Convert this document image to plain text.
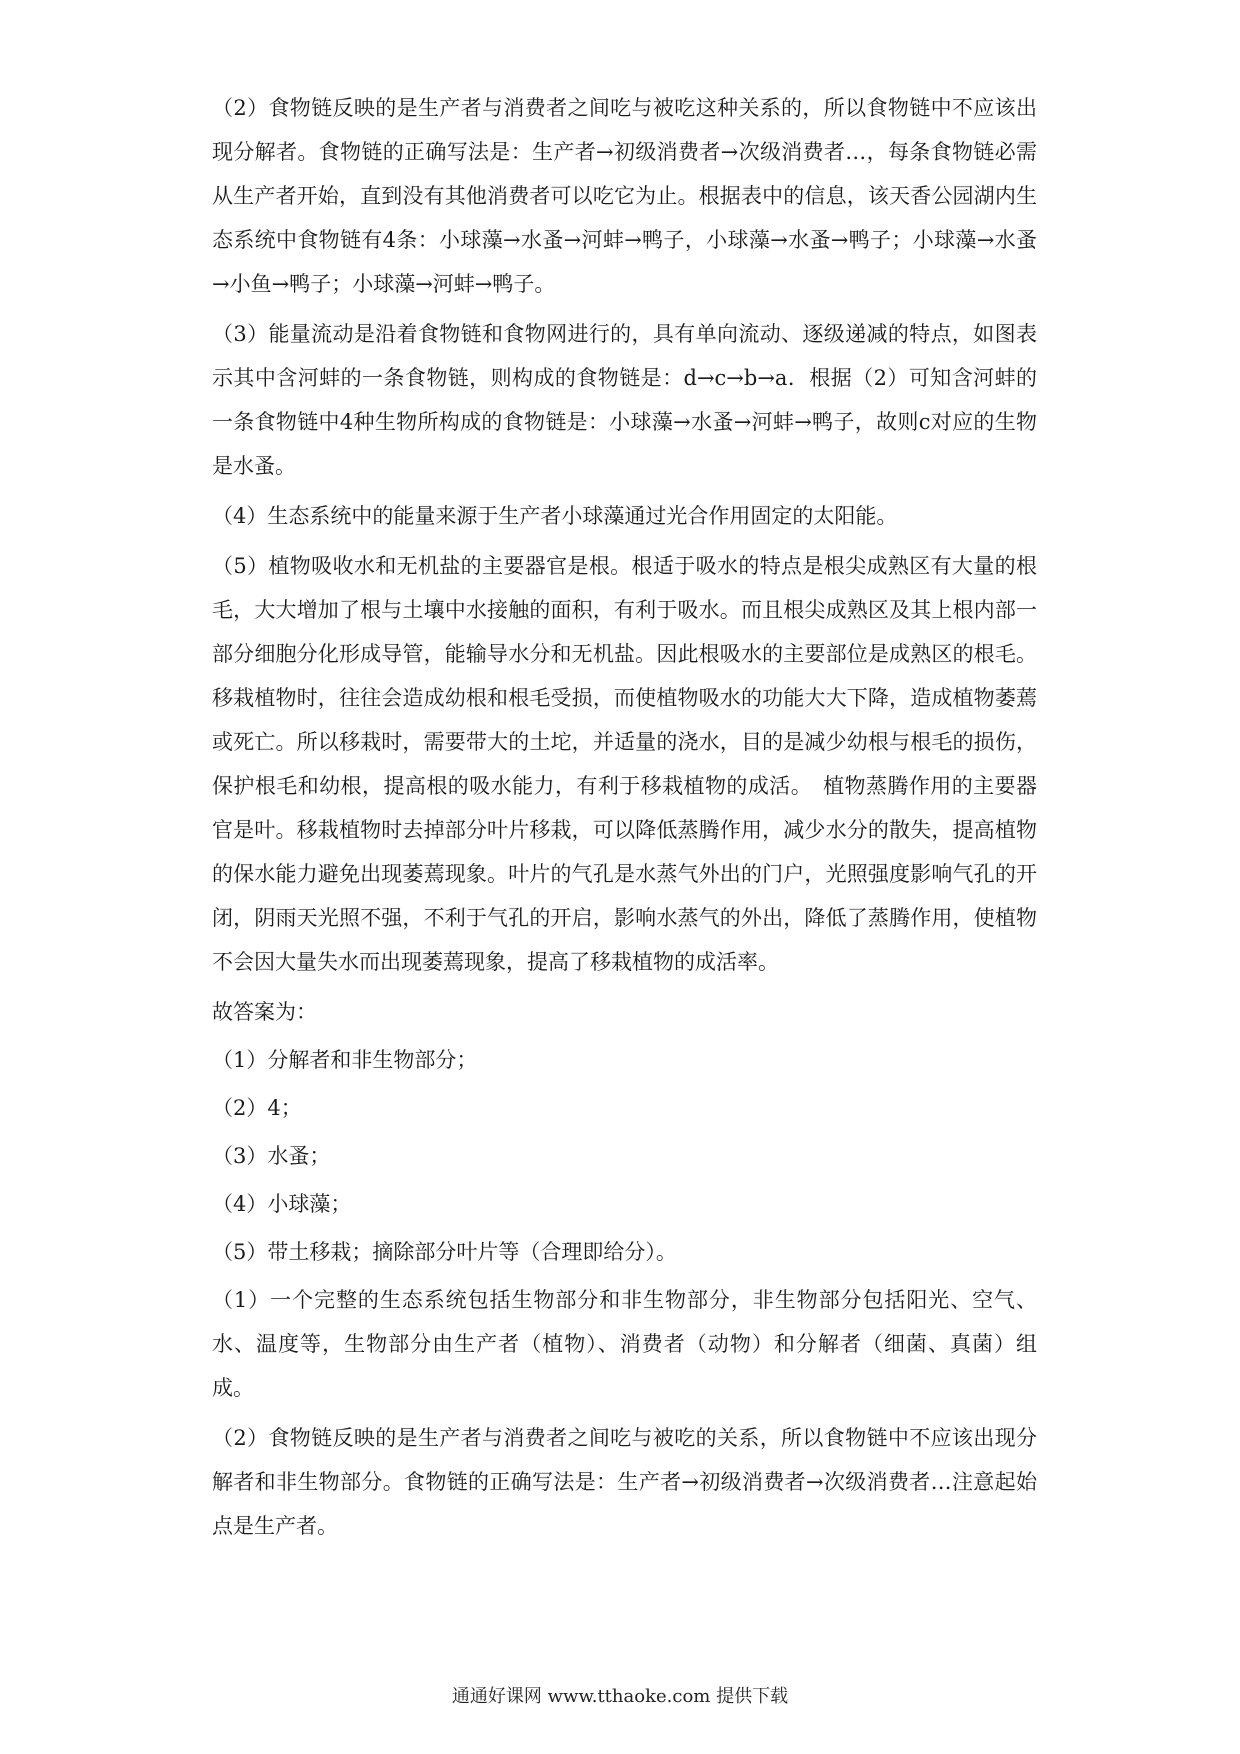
（2）食物链反映的是生产者与消费者之间吃与被吃这种关系的，所以食物链中不应该出现分解者。食物链的正确写法是：生产者→初级消费者→次级消费者…，每条食物链必需从生产者开始，直到没有其他消费者可以吃它为止。根据表中的信息，该天香公园湖内生态系统中食物链有4条：小球藻→水蚤→河蚌→鸭子，小球藻→水蚤→鸭子；小球藻→水蚤→小鱼→鸭子；小球藻→河蚌→鸭子。

（3）能量流动是沿着食物链和食物网进行的，具有单向流动、逐级递减的特点，如图表示其中含河蚌的一条食物链，则构成的食物链是：d→c→b→a．根据（2）可知含河蚌的一条食物链中4种生物所构成的食物链是：小球藻→水蚤→河蚌→鸭子，故则c对应的生物是水蚤。

（4）生态系统中的能量来源于生产者小球藻通过光合作用固定的太阳能。

（5）植物吸收水和无机盐的主要器官是根。根适于吸水的特点是根尖成熟区有大量的根毛，大大增加了根与土壤中水接触的面积，有利于吸水。而且根尖成熟区及其上根内部一部分细胞分化形成导管，能输导水分和无机盐。因此根吸水的主要部位是成熟区的根毛。移栽植物时，往往会造成幼根和根毛受损，而使植物吸水的功能大大下降，造成植物萎蔫或死亡。所以移栽时，需要带大的土坨，并适量的浇水，目的是减少幼根与根毛的损伤，保护根毛和幼根，提高根的吸水能力，有利于移栽植物的成活。　植物蒸腾作用的主要器官是叶。移栽植物时去掉部分叶片移栽，可以降低蒸腾作用，减少水分的散失，提高植物的保水能力避免出现萎蔫现象。叶片的气孔是水蒸气外出的门户，光照强度影响气孔的开闭，阴雨天光照不强，不利于气孔的开启，影响水蒸气的外出，降低了蒸腾作用，使植物不会因大量失水而出现萎蔫现象，提高了移栽植物的成活率。

故答案为：

（1）分解者和非生物部分；

（2）4；

（3）水蚤；

（4）小球藻；

（5）带土移栽；摘除部分叶片等（合理即给分）。

（1）一个完整的生态系统包括生物部分和非生物部分，非生物部分包括阳光、空气、水、温度等，生物部分由生产者（植物）、消费者（动物）和分解者（细菌、真菌）组成。

（2）食物链反映的是生产者与消费者之间吃与被吃的关系，所以食物链中不应该出现分解者和非生物部分。食物链的正确写法是：生产者→初级消费者→次级消费者…注意起始点是生产者。

通通好课网 www.tthaoke.com 提供下载
